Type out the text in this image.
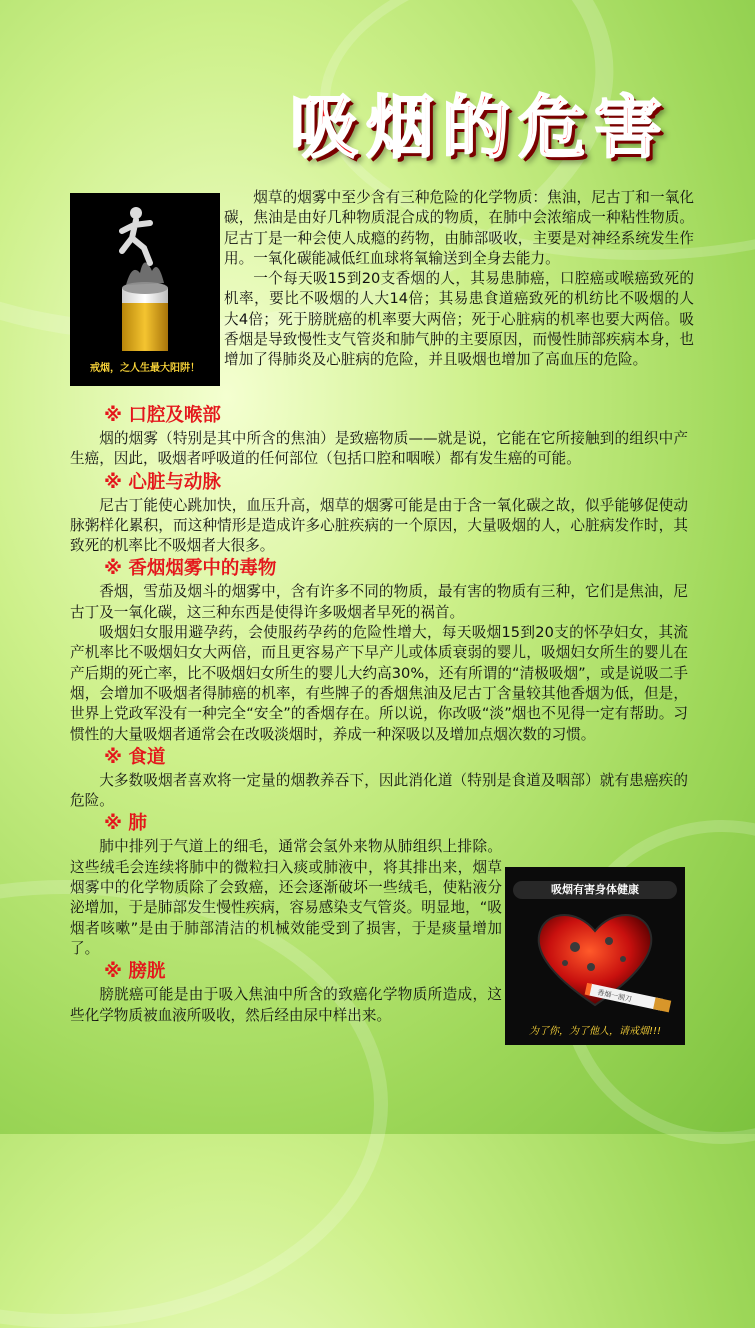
吸烟的危害
戒烟，之人生最大阳阱！

烟草的烟雾中至少含有三种危险的化学物质：焦油，尼古丁和一氧化碳，焦油是由好几种物质混合成的物质，在肺中会浓缩成一种粘性物质。尼古丁是一种会使人成瘾的药物，由肺部吸收，主要是对神经系统发生作用。一氧化碳能减低红血球将氧输送到全身去能力。

一个每天吸15到20支香烟的人，其易患肺癌，口腔癌或喉癌致死的机率，要比不吸烟的人大14倍；其易患食道癌致死的机纺比不吸烟的人大4倍；死于膀胱癌的机率要大两倍；死于心脏病的机率也要大两倍。吸香烟是导致慢性支气管炎和肺气肿的主要原因，而慢性肺部疾病本身，也增加了得肺炎及心脏病的危险，并且吸烟也增加了高血压的危险。

※ 口腔及喉部

烟的烟雾（特别是其中所含的焦油）是致癌物质——就是说，它能在它所接触到的组织中产生癌，因此，吸烟者呼吸道的任何部位（包括口腔和咽喉）都有发生癌的可能。

※ 心脏与动脉

尼古丁能使心跳加快，血压升高，烟草的烟雾可能是由于含一氧化碳之故，似乎能够促使动脉粥样化累积，而这种情形是造成许多心脏疾病的一个原因，大量吸烟的人，心脏病发作时，其致死的机率比不吸烟者大很多。

※ 香烟烟雾中的毒物

香烟，雪茄及烟斗的烟雾中，含有许多不同的物质，最有害的物质有三种，它们是焦油，尼古丁及一氧化碳，这三种东西是使得许多吸烟者早死的祸首。

吸烟妇女服用避孕药，会使服药孕药的危险性增大，每天吸烟15到20支的怀孕妇女，其流产机率比不吸烟妇女大两倍，而且更容易产下早产儿或体质衰弱的婴儿，吸烟妇女所生的婴儿在产后期的死亡率，比不吸烟妇女所生的婴儿大约高30%，还有所谓的“清极吸烟”，或是说吸二手烟，会增加不吸烟者得肺癌的机率，有些牌子的香烟焦油及尼古丁含量较其他香烟为低，但是，世界上党政军没有一种完全“安全”的香烟存在。所以说，你改吸“淡”烟也不见得一定有帮助。习惯性的大量吸烟者通常会在改吸淡烟时，养成一种深吸以及增加点烟次数的习惯。

※ 食道

大多数吸烟者喜欢将一定量的烟教养吞下，因此消化道（特别是食道及咽部）就有患癌疾的危险。

※ 肺

肺中排列于气道上的细毛，通常会氢外来物从肺组织上排除。这些绒毛会连续将肺中的微粒扫入痰或肺液中，将其排出来，烟草烟雾中的化学物质除了会致癌，还会逐渐破坏一些绒毛，使粘液分泌增加，于是肺部发生慢性疾病，容易感染支气管炎。明显地，“吸烟者咳嗽”是由于肺部清洁的机械效能受到了损害，于是痰量增加了。

※ 膀胱

膀胱癌可能是由于吸入焦油中所含的致癌化学物质所造成，这些化学物质被血液所吸收，然后经由尿中样出来。

吸烟有害身体健康
香烟一割刀
为了你，为了他人，请戒烟!!!
